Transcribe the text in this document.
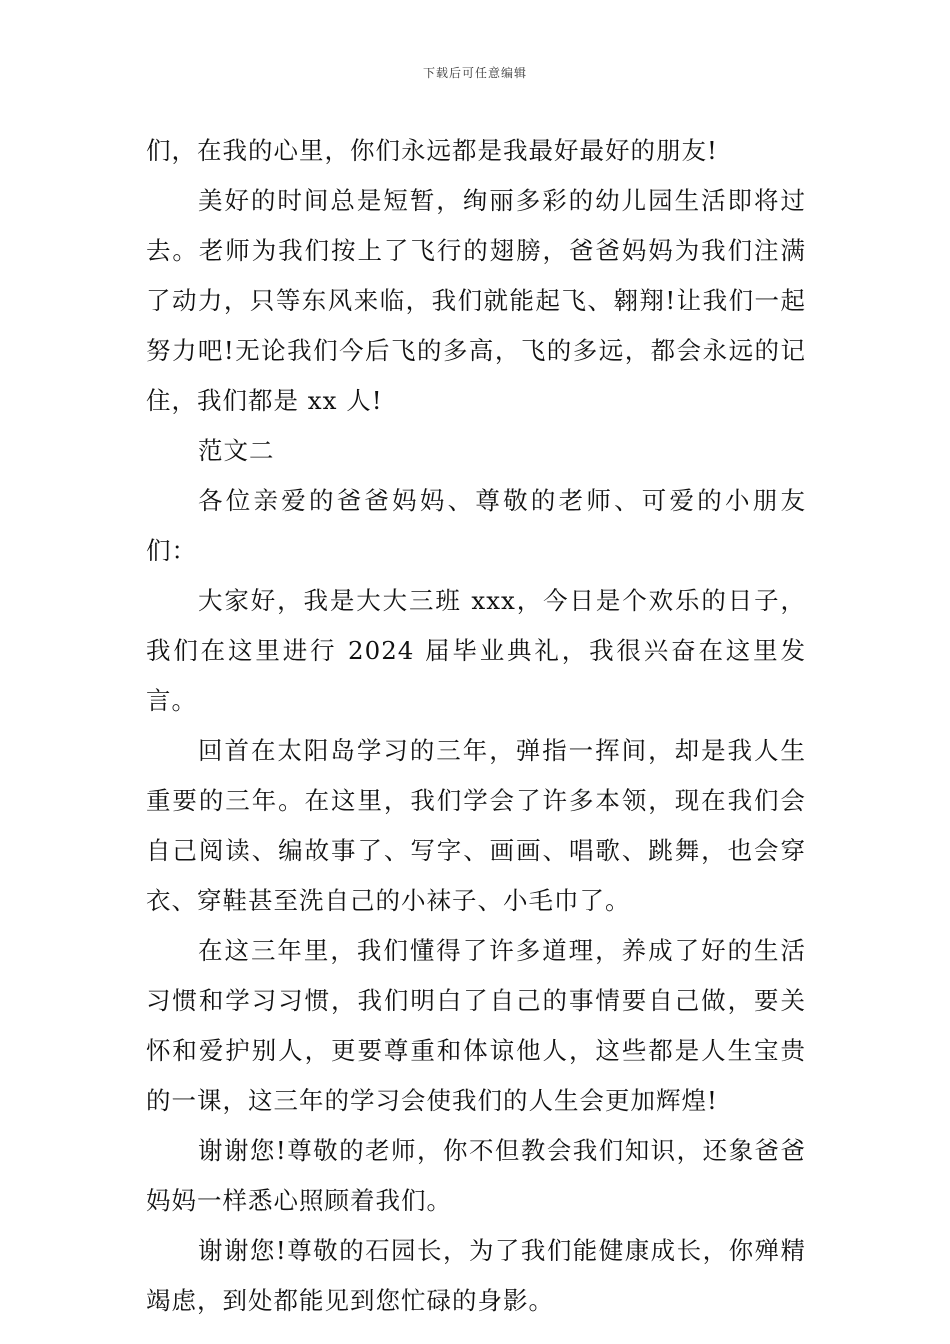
下载后可任意编辑

们，在我的心里，你们永远都是我最好最好的朋友!

美好的时间总是短暂，绚丽多彩的幼儿园生活即将过去。老师为我们按上了飞行的翅膀，爸爸妈妈为我们注满了动力，只等东风来临，我们就能起飞、翱翔!让我们一起努力吧!无论我们今后飞的多高，飞的多远，都会永远的记住，我们都是 xx 人!

范文二

各位亲爱的爸爸妈妈、尊敬的老师、可爱的小朋友们：

大家好，我是大大三班 xxx，今日是个欢乐的日子，我们在这里进行 2024 届毕业典礼，我很兴奋在这里发言。

回首在太阳岛学习的三年，弹指一挥间，却是我人生重要的三年。在这里，我们学会了许多本领，现在我们会自己阅读、编故事了、写字、画画、唱歌、跳舞，也会穿衣、穿鞋甚至洗自己的小袜子、小毛巾了。

在这三年里，我们懂得了许多道理，养成了好的生活习惯和学习习惯，我们明白了自己的事情要自己做，要关怀和爱护别人，更要尊重和体谅他人，这些都是人生宝贵的一课，这三年的学习会使我们的人生会更加辉煌!

谢谢您!尊敬的老师，你不但教会我们知识，还象爸爸妈妈一样悉心照顾着我们。

谢谢您!尊敬的石园长，为了我们能健康成长，你殚精竭虑，到处都能见到您忙碌的身影。
